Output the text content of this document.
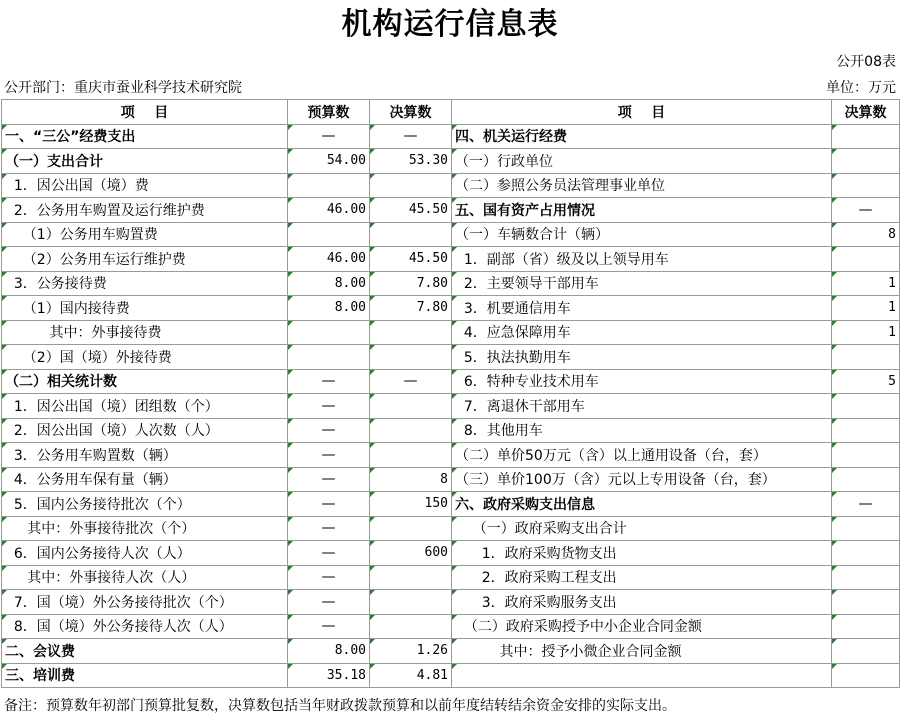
机构运行信息表
公开08表
公开部门：重庆市蚕业科学技术研究院	单位：万元
项    目	预算数	决算数	项    目	决算数
一、“三公”经费支出	—	—	四、机关运行经费	
（一）支出合计	54.00	53.30	（一）行政单位	
1．因公出国（境）费			（二）参照公务员法管理事业单位	
2．公务用车购置及运行维护费	46.00	45.50	五、国有资产占用情况	—
（1）公务用车购置费			（一）车辆数合计（辆）	8
（2）公务用车运行维护费	46.00	45.50	1．副部（省）级及以上领导用车	
3．公务接待费	8.00	7.80	2．主要领导干部用车	1
（1）国内接待费	8.00	7.80	3．机要通信用车	1
其中：外事接待费			4．应急保障用车	1
（2）国（境）外接待费			5．执法执勤用车	
（二）相关统计数	—	—	6．特种专业技术用车	5
1．因公出国（境）团组数（个）	—		7．离退休干部用车	
2．因公出国（境）人次数（人）	—		8．其他用车	
3．公务用车购置数（辆）	—		（二）单价50万元（含）以上通用设备（台，套）	
4．公务用车保有量（辆）	—	8	（三）单价100万（含）元以上专用设备（台，套）	
5．国内公务接待批次（个）	—	150	六、政府采购支出信息	—
其中：外事接待批次（个）	—		（一）政府采购支出合计	
6．国内公务接待人次（人）	—	600	1．政府采购货物支出	
其中：外事接待人次（人）	—		2．政府采购工程支出	
7．国（境）外公务接待批次（个）	—		3．政府采购服务支出	
8．国（境）外公务接待人次（人）	—		（二）政府采购授予中小企业合同金额	
二、会议费	8.00	1.26	其中：授予小微企业合同金额	
三、培训费	35.18	4.81		
备注：预算数年初部门预算批复数，决算数包括当年财政拨款预算和以前年度结转结余资金安排的实际支出。
